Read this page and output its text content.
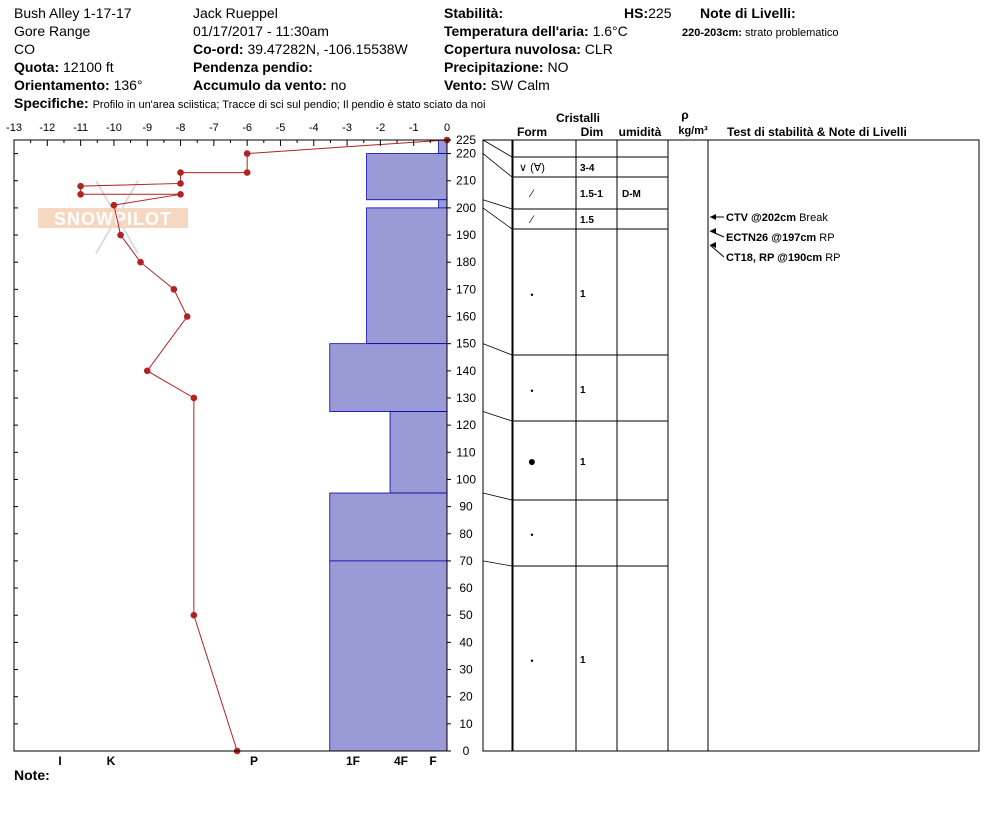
Bush Alley 1-17-17
Gore Range
CO
Quota: 12100 ft
Orientamento: 136°
Jack Rueppel
01/17/2017 - 11:30am
Co-ord: 39.47282N, -106.15538W
Pendenza pendio:
Accumulo da vento: no
Stabilità:	HS:225
Temperatura dell'aria: 1.6°C
Copertura nuvolosa: CLR
Precipitazione: NO
Vento: SW Calm
Note di Livelli:
220-203cm: strato problematico
Specifiche: Profilo in un'area sciistica; Tracce di sci sul pendio; Il pendio è stato sciato da noi
SNOWPILOT
-13 -12 -11 -10 -9 -8 -7 -6 -5 -4 -3 -2 -1 0
0
10
20
30
40
50
60
70
80
90
100
110
120
130
140
150
160
170
180
190
200
210
220
225
I	K	P	1F	4F F
Cristalli
Form	Dim umidità
ρ
kg/m³ Test di stabilità & Note di Livelli
∨ (∀)	3-4
⁄	1.5-1 D-M
⁄	1.5
•	1
•	1
●	1
•
•	1
CTV @202cm Break
ECTN26 @197cm RP
CT18, RP @190cm RP
Note:
